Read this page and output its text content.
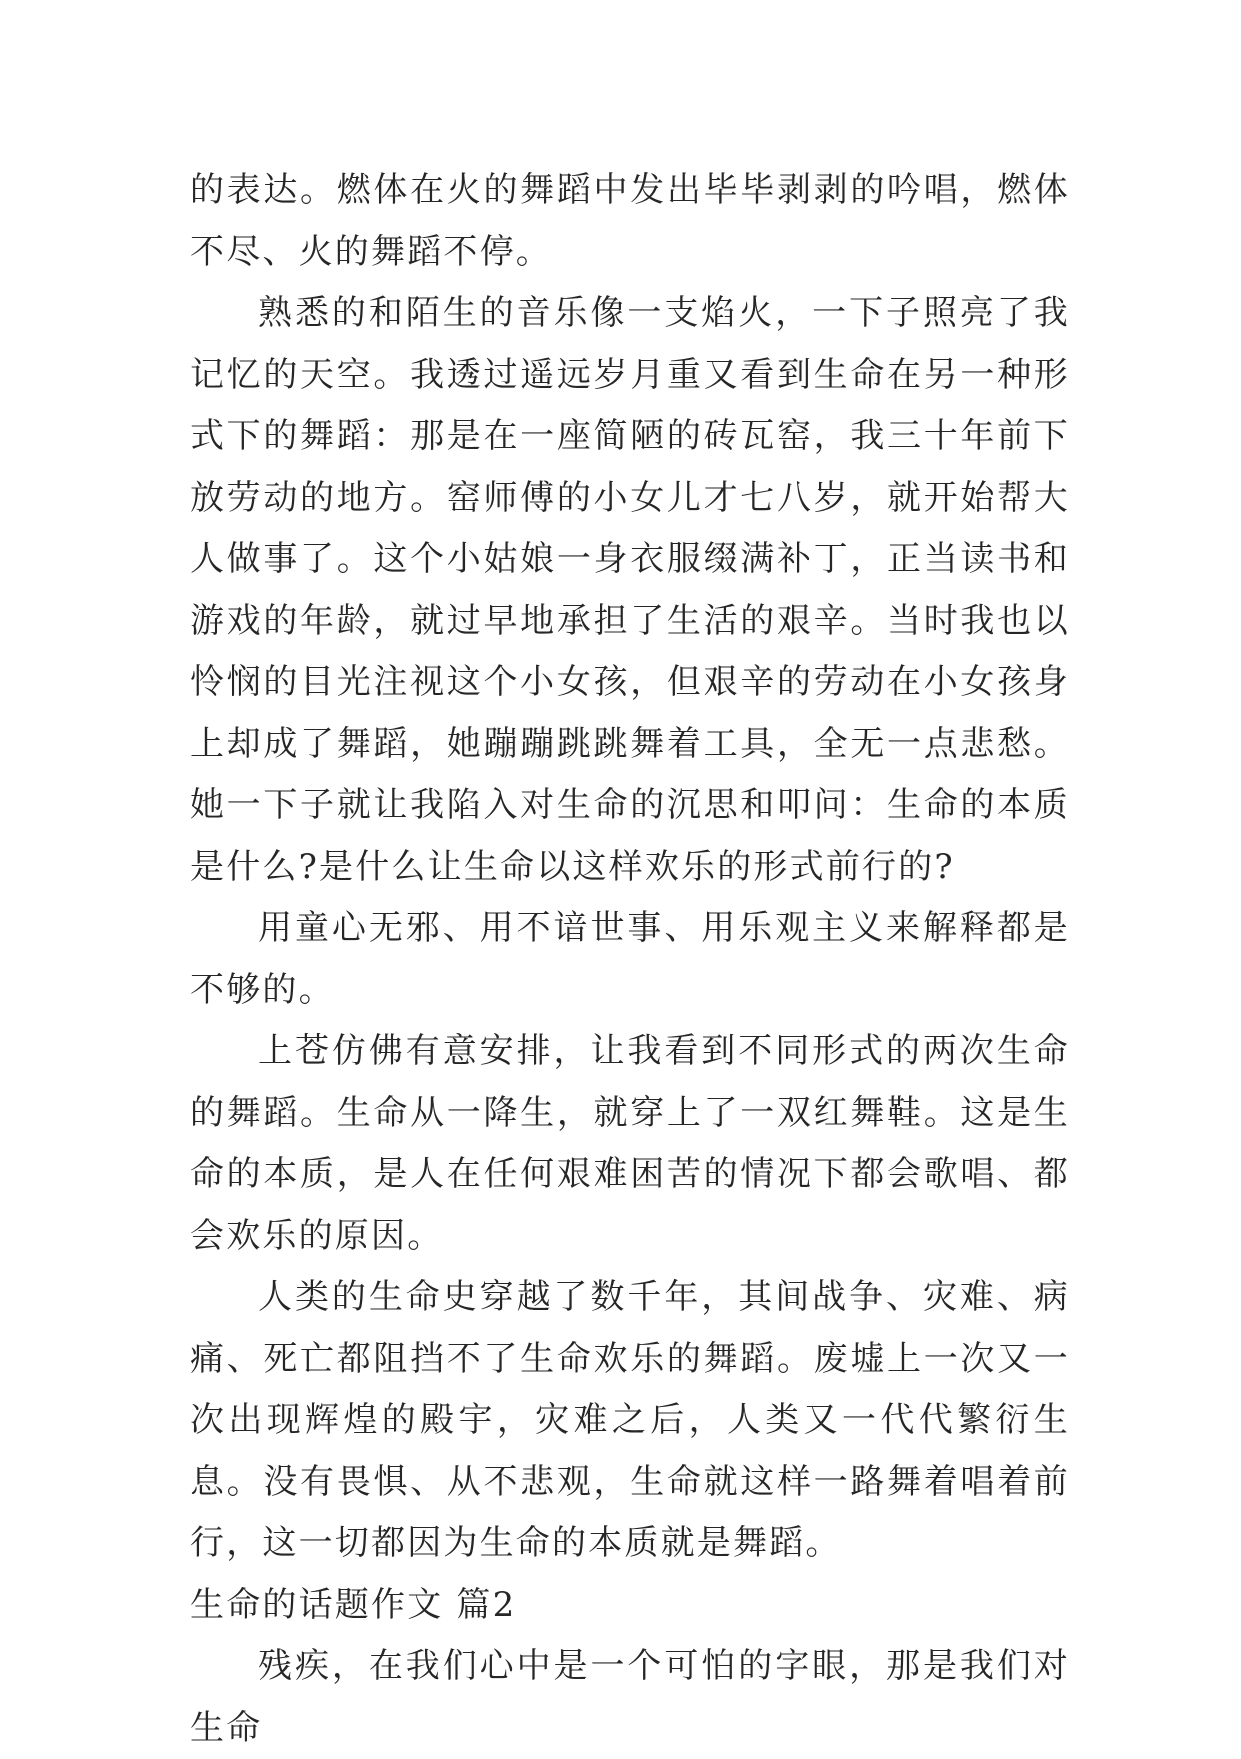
的表达。燃体在火的舞蹈中发出毕毕剥剥的吟唱，燃体不尽、火的舞蹈不停。

熟悉的和陌生的音乐像一支焰火，一下子照亮了我记忆的天空。我透过遥远岁月重又看到生命在另一种形式下的舞蹈：那是在一座简陋的砖瓦窑，我三十年前下放劳动的地方。窑师傅的小女儿才七八岁，就开始帮大人做事了。这个小姑娘一身衣服缀满补丁，正当读书和游戏的年龄，就过早地承担了生活的艰辛。当时我也以怜悯的目光注视这个小女孩，但艰辛的劳动在小女孩身上却成了舞蹈，她蹦蹦跳跳舞着工具，全无一点悲愁。她一下子就让我陷入对生命的沉思和叩问：生命的本质是什么?是什么让生命以这样欢乐的形式前行的?

用童心无邪、用不谙世事、用乐观主义来解释都是不够的。

上苍仿佛有意安排，让我看到不同形式的两次生命的舞蹈。生命从一降生，就穿上了一双红舞鞋。这是生命的本质，是人在任何艰难困苦的情况下都会歌唱、都会欢乐的原因。

人类的生命史穿越了数千年，其间战争、灾难、病痛、死亡都阻挡不了生命欢乐的舞蹈。废墟上一次又一次出现辉煌的殿宇，灾难之后，人类又一代代繁衍生息。没有畏惧、从不悲观，生命就这样一路舞着唱着前行，这一切都因为生命的本质就是舞蹈。

生命的话题作文 篇2

残疾，在我们心中是一个可怕的字眼，那是我们对生命
